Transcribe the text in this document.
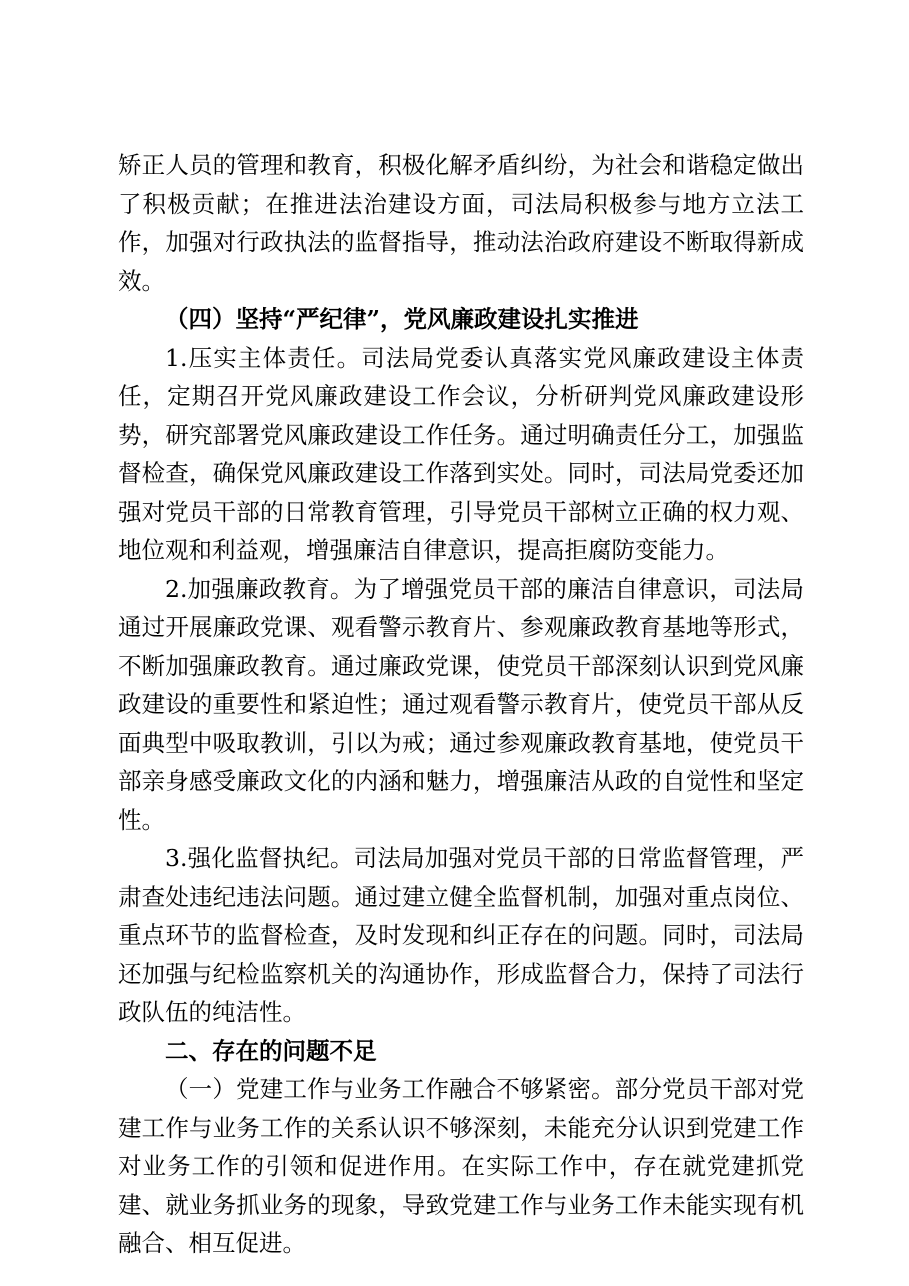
矫正人员的管理和教育，积极化解矛盾纠纷，为社会和谐稳定做出了积极贡献；在推进法治建设方面，司法局积极参与地方立法工作，加强对行政执法的监督指导，推动法治政府建设不断取得新成效。

（四）坚持“严纪律”，党风廉政建设扎实推进

1.压实主体责任。司法局党委认真落实党风廉政建设主体责任，定期召开党风廉政建设工作会议，分析研判党风廉政建设形势，研究部署党风廉政建设工作任务。通过明确责任分工，加强监督检查，确保党风廉政建设工作落到实处。同时，司法局党委还加强对党员干部的日常教育管理，引导党员干部树立正确的权力观、地位观和利益观，增强廉洁自律意识，提高拒腐防变能力。

2.加强廉政教育。为了增强党员干部的廉洁自律意识，司法局通过开展廉政党课、观看警示教育片、参观廉政教育基地等形式，不断加强廉政教育。通过廉政党课，使党员干部深刻认识到党风廉政建设的重要性和紧迫性；通过观看警示教育片，使党员干部从反面典型中吸取教训，引以为戒；通过参观廉政教育基地，使党员干部亲身感受廉政文化的内涵和魅力，增强廉洁从政的自觉性和坚定性。

3.强化监督执纪。司法局加强对党员干部的日常监督管理，严肃查处违纪违法问题。通过建立健全监督机制，加强对重点岗位、重点环节的监督检查，及时发现和纠正存在的问题。同时，司法局还加强与纪检监察机关的沟通协作，形成监督合力，保持了司法行政队伍的纯洁性。

二、存在的问题不足

（一）党建工作与业务工作融合不够紧密。部分党员干部对党建工作与业务工作的关系认识不够深刻，未能充分认识到党建工作对业务工作的引领和促进作用。在实际工作中，存在就党建抓党建、就业务抓业务的现象，导致党建工作与业务工作未能实现有机融合、相互促进。
